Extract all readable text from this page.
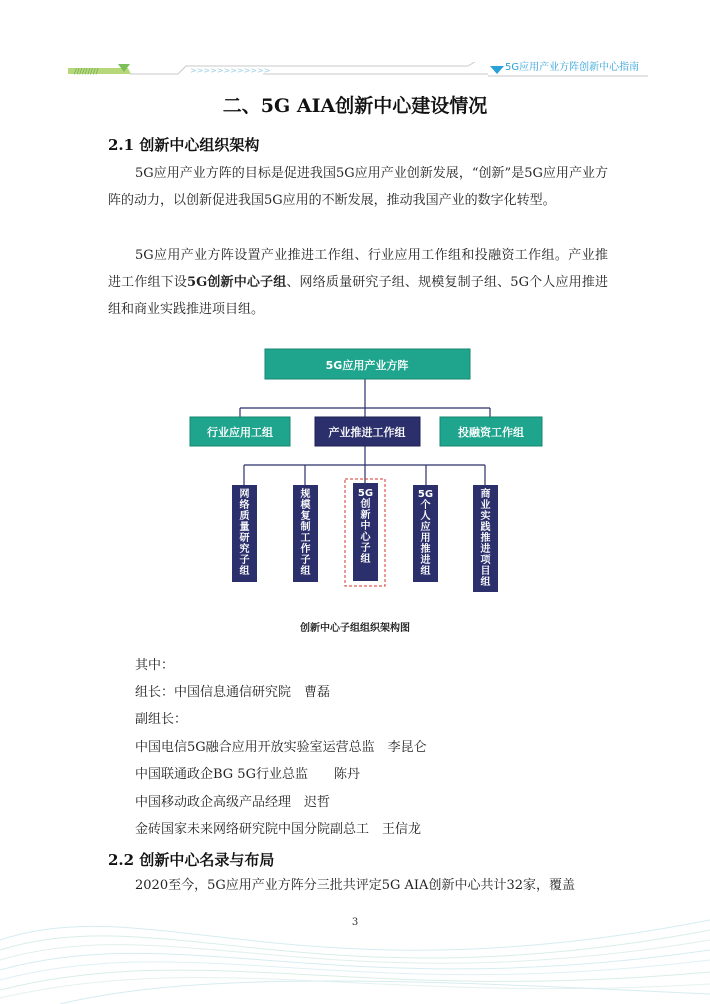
/////////	>>>>>>>>>>>>	5G应用产业方阵创新中心指南
二、5G AIA创新中心建设情况
2.1 创新中心组织架构
5G应用产业方阵的目标是促进我国5G应用产业创新发展，“创新”是5G应用产业方阵的动力，以创新促进我国5G应用的不断发展，推动我国产业的数字化转型。
5G应用产业方阵设置产业推进工作组、行业应用工作组和投融资工作组。产业推进工作组下设5G创新中心子组、网络质量研究子组、规模复制子组、5G个人应用推进组和商业实践推进项目组。
5G应用产业方阵
行业应用工组	产业推进工作组	投融资工作组
网络质量研究子组
规模复制工作子组
5G 创新中心子组
5G 个人应用推进组
商业实践推进项目组
创新中心子组组织架构图
其中：
组长：中国信息通信研究院　曹磊
副组长：
中国电信5G融合应用开放实验室运营总监　李昆仑
中国联通政企BG 5G行业总监　　陈丹
中国移动政企高级产品经理　迟哲
金砖国家未来网络研究院中国分院副总工　王信龙
2.2 创新中心名录与布局
2020至今，5G应用产业方阵分三批共评定5G AIA创新中心共计32家，覆盖
3
